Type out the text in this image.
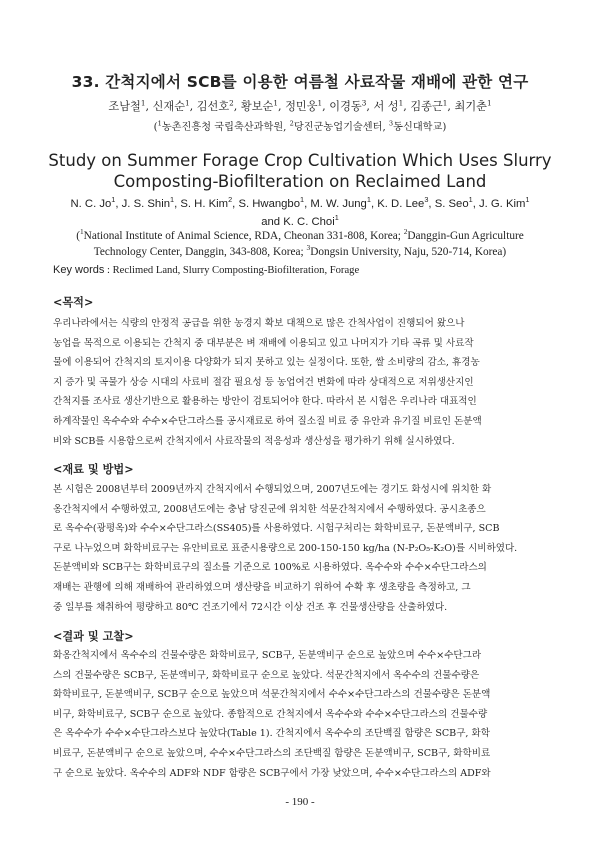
33. 간척지에서 SCB를 이용한 여름철 사료작물 재배에 관한 연구
조남철$^1$, 신재순$^1$, 김선호$^2$, 황보순$^1$, 정민웅$^1$, 이경동$^3$, 서 성$^1$, 김종근$^1$, 최기춘$^1$
($^1$농촌진흥청 국립축산과학원, $^2$당진군농업기술센터, $^3$동신대학교)
Study on Summer Forage Crop Cultivation Which Uses Slurry
Composting-Biofilteration on Reclaimed Land
N. C. Jo$^1$, J. S. Shin$^1$, S. H. Kim$^2$, S. Hwangbo$^1$, M. W. Jung$^1$, K. D. Lee$^3$, S. Seo$^1$, J. G. Kim$^1$
and K. C. Choi$^1$
($^1$National Institute of Animal Science, RDA, Cheonan 331-808, Korea; $^2$Danggin-Gun Agriculture Technology Center, Danggin, 343-808, Korea; $^3$Dongsin University, Naju, 520-714, Korea)
Key words : Reclimed Land, Slurry Composting-Biofilteration, Forage
<목적>
우리나라에서는 식량의 안정적 공급을 위한 농경지 확보 대책으로 많은 간척사업이 진행되어 왔으나
농업을 목적으로 이용되는 간척지 중 대부분은 벼 재배에 이용되고 있고 나머지가 기타 곡류 및 사료작
물에 이용되어 간척지의 토지이용 다양화가 되지 못하고 있는 실정이다. 또한, 쌀 소비량의 감소, 휴경농
지 증가 및 곡물가 상승 시대의 사료비 절감 필요성 등 농업여건 변화에 따라 상대적으로 저위생산지인
간척지를 조사료 생산기반으로 활용하는 방안이 검토되어야 한다. 따라서 본 시험은 우리나라 대표적인
하계작물인 옥수수와 수수×수단그라스를 공시재료로 하여 질소질 비료 중 유안과 유기질 비료인 돈분액
비와 SCB를 시용함으로써 간척지에서 사료작물의 적응성과 생산성을 평가하기 위해 실시하였다.
<재료 및 방법>
본 시험은 2008년부터 2009년까지 간척지에서 수행되었으며, 2007년도에는 경기도 화성시에 위치한 화
옹간척지에서 수행하였고, 2008년도에는 충남 당진군에 위치한 석문간척지에서 수행하였다. 공시초종으
로 옥수수(광평옥)와 수수×수단그라스(SS405)를 사용하였다. 시험구처리는 화학비료구, 돈분액비구, SCB
구로 나누었으며 화학비료구는 유안비료로 표준시용량으로 200-150-150 kg/ha (N-P₂O₅-K₂O)를 시비하였다.
돈분액비와 SCB구는 화학비료구의 질소를 기준으로 100%로 시용하였다. 옥수수와 수수×수단그라스의
재배는 관행에 의해 재배하여 관리하였으며 생산량을 비교하기 위하여 수확 후 생초량을 측정하고, 그
중 일부를 채취하여 평량하고 80℃ 건조기에서 72시간 이상 건조 후 건물생산량을 산출하였다.
<결과 및 고찰>
화옹간척지에서 옥수수의 건물수량은 화학비료구, SCB구, 돈분액비구 순으로 높았으며 수수×수단그라
스의 건물수량은 SCB구, 돈분액비구, 화학비료구 순으로 높았다. 석문간척지에서 옥수수의 건물수량은
화학비료구, 돈분액비구, SCB구 순으로 높았으며 석문간척지에서 수수×수단그라스의 건물수량은 돈분액
비구, 화학비료구, SCB구 순으로 높았다. 종합적으로 간척지에서 옥수수와 수수×수단그라스의 건물수량
은 옥수수가 수수×수단그라스보다 높았다(Table 1). 간척지에서 옥수수의 조단백질 함량은 SCB구, 화학
비료구, 돈분액비구 순으로 높았으며, 수수×수단그라스의 조단백질 함량은 돈분액비구, SCB구, 화학비료
구 순으로 높았다. 옥수수의 ADF와 NDF 함량은 SCB구에서 가장 낮았으며, 수수×수단그라스의 ADF와
- 190 -
